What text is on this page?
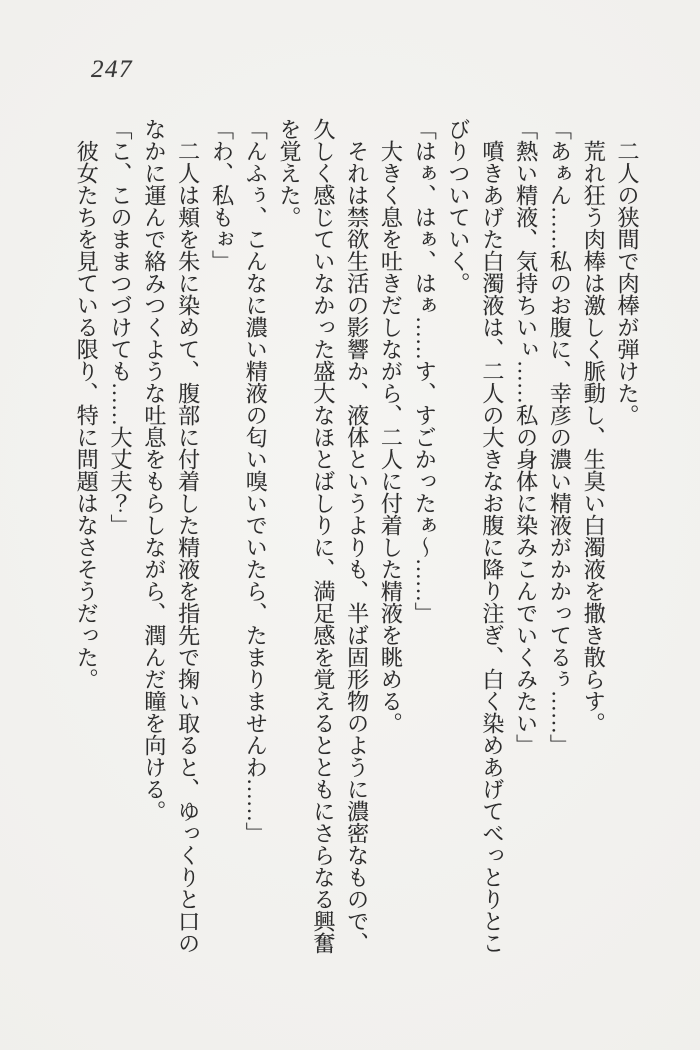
247

二人の狭間で肉棒が弾けた。

荒れ狂う肉棒は激しく脈動し、生臭い白濁液を撒き散らす。

「あぁん……私のお腹に、幸彦の濃い精液がかかってるぅ……」

「熱い精液、気持ちいぃ……私の身体に染みこんでいくみたい」

噴きあげた白濁液は、二人の大きなお腹に降り注ぎ、白く染めあげてべっとりとこびりついていく。

「はぁ、はぁ、はぁ……す、すごかったぁ～……」

大きく息を吐きだしながら、二人に付着した精液を眺める。

それは禁欲生活の影響か、液体というよりも、半ば固形物のように濃密なもので、久しく感じていなかった盛大なほとばしりに、満足感を覚えるとともにさらなる興奮を覚えた。

「んふぅ、こんなに濃い精液の匂い嗅いでいたら、たまりませんわ……」

「わ、私もぉ」

二人は頬を朱に染めて、腹部に付着した精液を指先で掬い取ると、ゆっくりと口のなかに運んで絡みつくような吐息をもらしながら、潤んだ瞳を向ける。

「こ、このままつづけても……大丈夫？」

彼女たちを見ている限り、特に問題はなさそうだった。
